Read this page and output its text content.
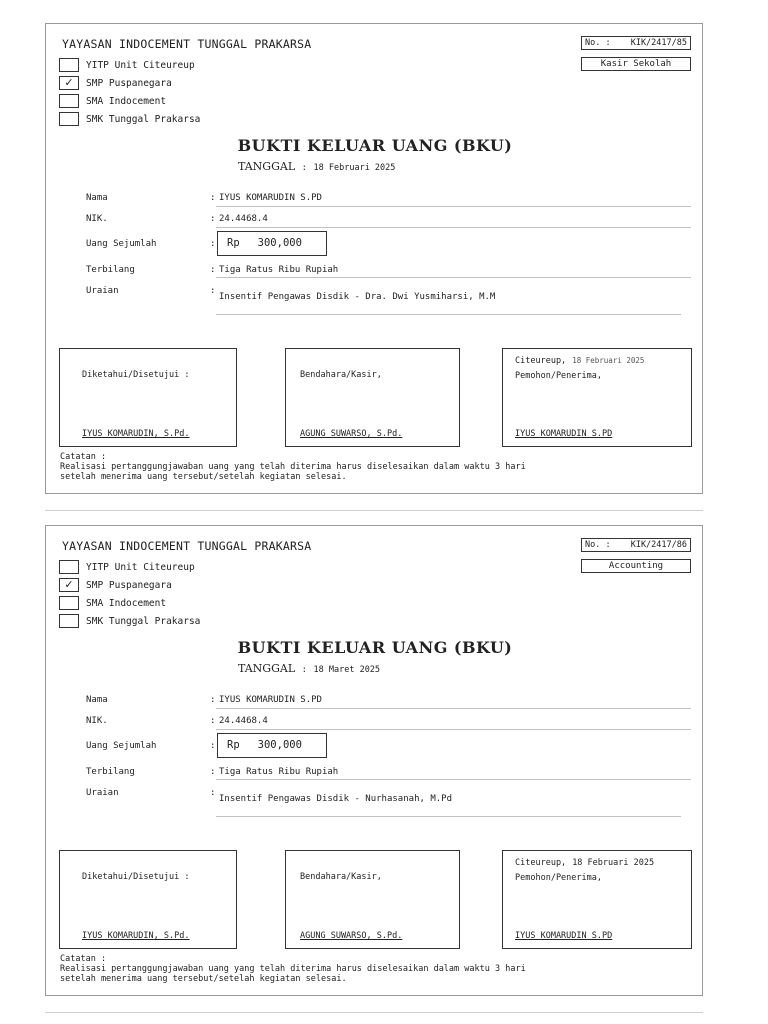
YAYASAN INDOCEMENT TUNGGAL PRAKARSA
YITP Unit Citeureup
✓	SMP Puspanegara
SMA Indocement
SMK Tunggal Prakarsa
No. : KIK/2417/85
Kasir Sekolah
BUKTI KELUAR UANG (BKU)
TANGGAL : 18 Februari 2025
Nama	: IYUS KOMARUDIN S.PD
NIK.	: 24.4468.4
Uang Sejumlah	:	Rp 300,000
Terbilang	: Tiga Ratus Ribu Rupiah
Uraian	:
Insentif Pengawas Disdik - Dra. Dwi Yusmiharsi, M.M
Diketahui/Disetujui :
IYUS KOMARUDIN, S.Pd.
Bendahara/Kasir,
AGUNG SUWARSO, S.Pd.
Citeureup, 18 Februari 2025
Pemohon/Penerima,
IYUS KOMARUDIN S.PD
Catatan :
Realisasi pertanggungjawaban uang yang telah diterima harus diselesaikan dalam waktu 3 hari
setelah menerima uang tersebut/setelah kegiatan selesai.
YAYASAN INDOCEMENT TUNGGAL PRAKARSA
YITP Unit Citeureup
✓	SMP Puspanegara
SMA Indocement
SMK Tunggal Prakarsa
No. : KIK/2417/86
Accounting
BUKTI KELUAR UANG (BKU)
TANGGAL : 18 Maret 2025
Nama	: IYUS KOMARUDIN S.PD
NIK.	: 24.4468.4
Uang Sejumlah	:	Rp 300,000
Terbilang	: Tiga Ratus Ribu Rupiah
Uraian	:
Insentif Pengawas Disdik - Nurhasanah, M.Pd
Diketahui/Disetujui :
IYUS KOMARUDIN, S.Pd.
Bendahara/Kasir,
AGUNG SUWARSO, S.Pd.
Citeureup, 18 Februari 2025
Pemohon/Penerima,
IYUS KOMARUDIN S.PD
Catatan :
Realisasi pertanggungjawaban uang yang telah diterima harus diselesaikan dalam waktu 3 hari
setelah menerima uang tersebut/setelah kegiatan selesai.
